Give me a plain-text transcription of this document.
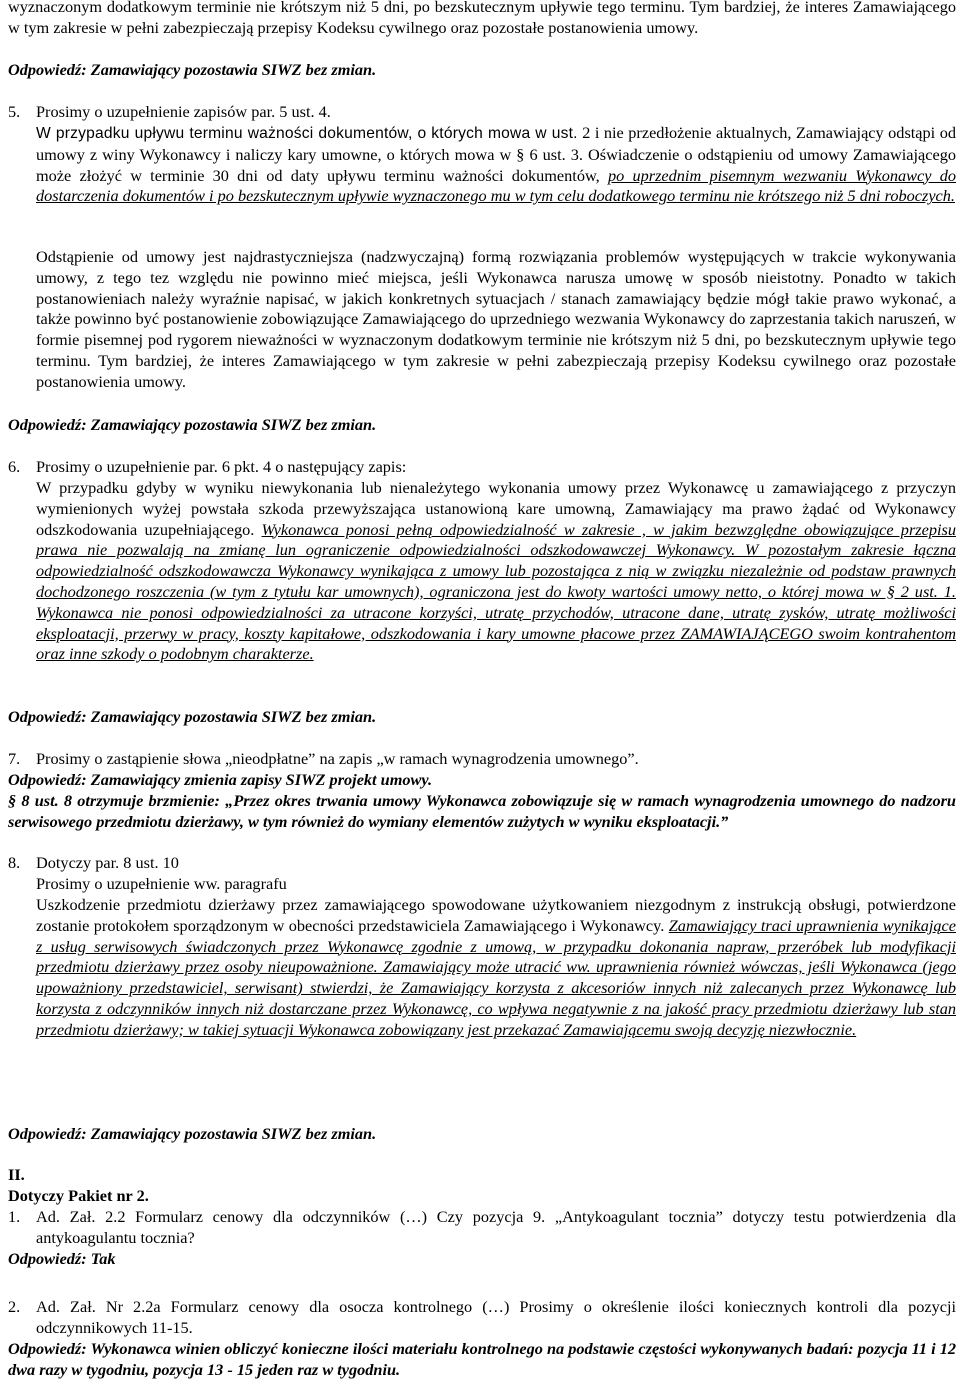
wyznaczonym dodatkowym terminie nie krótszym niż 5 dni, po bezskutecznym upływie tego terminu. Tym bardziej, że interes Zamawiającego w tym zakresie w pełni zabezpieczają przepisy Kodeksu cywilnego oraz pozostałe postanowienia umowy.
Odpowiedź: Zamawiający pozostawia SIWZ bez zmian.
5. Prosimy o uzupełnienie zapisów par. 5 ust. 4.
W przypadku upływu terminu ważności dokumentów, o których mowa w ust. 2 i nie przedłożenie aktualnych, Zamawiający odstąpi od umowy z winy Wykonawcy i naliczy kary umowne, o których mowa w § 6 ust. 3. Oświadczenie o odstąpieniu od umowy Zamawiającego może złożyć w terminie 30 dni od daty upływu terminu ważności dokumentów, po uprzednim pisemnym wezwaniu Wykonawcy do dostarczenia dokumentów i po bezskutecznym upływie wyznaczonego mu w tym celu dodatkowego terminu nie krótszego niż 5 dni roboczych.
Odstąpienie od umowy jest najdrastyczniejsza (nadzwyczajną) formą rozwiązania problemów występujących w trakcie wykonywania umowy, z tego tez względu nie powinno mieć miejsca, jeśli Wykonawca narusza umowę w sposób nieistotny. Ponadto w takich postanowieniach należy wyraźnie napisać, w jakich konkretnych sytuacjach / stanach zamawiający będzie mógł takie prawo wykonać, a także powinno być postanowienie zobowiązujące Zamawiającego do uprzedniego wezwania Wykonawcy do zaprzestania takich naruszeń, w formie pisemnej pod rygorem nieważności w wyznaczonym dodatkowym terminie nie krótszym niż 5 dni, po bezskutecznym upływie tego terminu. Tym bardziej, że interes Zamawiającego w tym zakresie w pełni zabezpieczają przepisy Kodeksu cywilnego oraz pozostałe postanowienia umowy.
Odpowiedź: Zamawiający pozostawia SIWZ bez zmian.
6. Prosimy o uzupełnienie par. 6 pkt. 4 o następujący zapis:
W przypadku gdyby w wyniku niewykonania lub nienależytego wykonania umowy przez Wykonawcę u zamawiającego z przyczyn wymienionych wyżej powstała szkoda przewyższająca ustanowioną kare umowną, Zamawiający ma prawo żądać od Wykonawcy odszkodowania uzupełniającego. Wykonawca ponosi pełną odpowiedzialność w zakresie , w jakim bezwzględne obowiązujące przepisu prawa nie pozwalają na zmianę lun ograniczenie odpowiedzialności odszkodowawczej Wykonawcy. W pozostałym zakresie łączna odpowiedzialność odszkodowawcza Wykonawcy wynikająca z umowy lub pozostająca z nią w związku niezależnie od podstaw prawnych dochodzonego roszczenia (w tym z tytułu kar umownych), ograniczona jest do kwoty wartości umowy netto, o której mowa w § 2 ust. 1. Wykonawca nie ponosi odpowiedzialności za utracone korzyści, utratę przychodów, utracone dane, utratę zysków, utratę możliwości eksploatacji, przerwy w pracy, koszty kapitałowe, odszkodowania i kary umowne płacowe przez ZAMAWIAJĄCEGO swoim kontrahentom oraz inne szkody o podobnym charakterze.
Odpowiedź: Zamawiający pozostawia SIWZ bez zmian.
7. Prosimy o zastąpienie słowa „nieodpłatne” na zapis „w ramach wynagrodzenia umownego”.
Odpowiedź: Zamawiający zmienia zapisy SIWZ projekt umowy.
§ 8 ust. 8 otrzymuje brzmienie: „Przez okres trwania umowy Wykonawca zobowiązuje się w ramach wynagrodzenia umownego do nadzoru serwisowego przedmiotu dzierżawy, w tym również do wymiany elementów zużytych w wyniku eksploatacji.”
8. Dotyczy par. 8 ust. 10
Prosimy o uzupełnienie ww. paragrafu
Uszkodzenie przedmiotu dzierżawy przez zamawiającego spowodowane użytkowaniem niezgodnym z instrukcją obsługi, potwierdzone zostanie protokołem sporządzonym w obecności przedstawiciela Zamawiającego i Wykonawcy. Zamawiający traci uprawnienia wynikające z usług serwisowych świadczonych przez Wykonawcę zgodnie z umową, w przypadku dokonania napraw, przeróbek lub modyfikacji przedmiotu dzierżawy przez osoby nieupoważnione. Zamawiający może utracić ww. uprawnienia również wówczas, jeśli Wykonawca (jego upoważniony przedstawiciel, serwisant) stwierdzi, że Zamawiający korzysta z akcesoriów innych niż zalecanych przez Wykonawcę lub korzysta z odczynników innych niż dostarczane przez Wykonawcę, co wpływa negatywnie z na jakość pracy przedmiotu dzierżawy lub stan przedmiotu dzierżawy; w takiej sytuacji Wykonawca zobowiązany jest przekazać Zamawiającemu swoją decyzję niezwłocznie.
Odpowiedź: Zamawiający pozostawia SIWZ bez zmian.
II.
Dotyczy Pakiet nr 2.
1. Ad. Zał. 2.2 Formularz cenowy dla odczynników (…) Czy pozycja 9. „Antykoagulant tocznia” dotyczy testu potwierdzenia dla antykoagulantu tocznia?
Odpowiedź: Tak
2. Ad. Zał. Nr 2.2a Formularz cenowy dla osocza kontrolnego (…) Prosimy o określenie ilości koniecznych kontroli dla pozycji odczynnikowych 11-15.
Odpowiedź: Wykonawca winien obliczyć konieczne ilości materiału kontrolnego na podstawie częstości wykonywanych badań: pozycja 11 i 12 dwa razy w tygodniu, pozycja 13 - 15 jeden raz w tygodniu.
